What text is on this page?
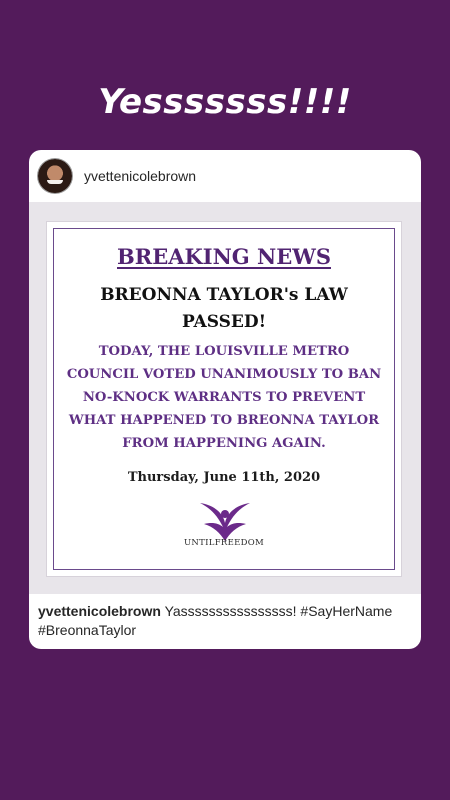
Yesssssss!!!!
yvettenicolebrown
BREAKING NEWS
BREONNA TAYLOR's LAW
PASSED!
TODAY, THE LOUISVILLE METRO COUNCIL VOTED UNANIMOUSLY TO BAN NO-KNOCK WARRANTS TO PREVENT WHAT HAPPENED TO BREONNA TAYLOR FROM HAPPENING AGAIN.
Thursday, June 11th, 2020
UNTILFREEDOM
yvettenicolebrown Yassssssssssssssss! #SayHerName #BreonnaTaylor
